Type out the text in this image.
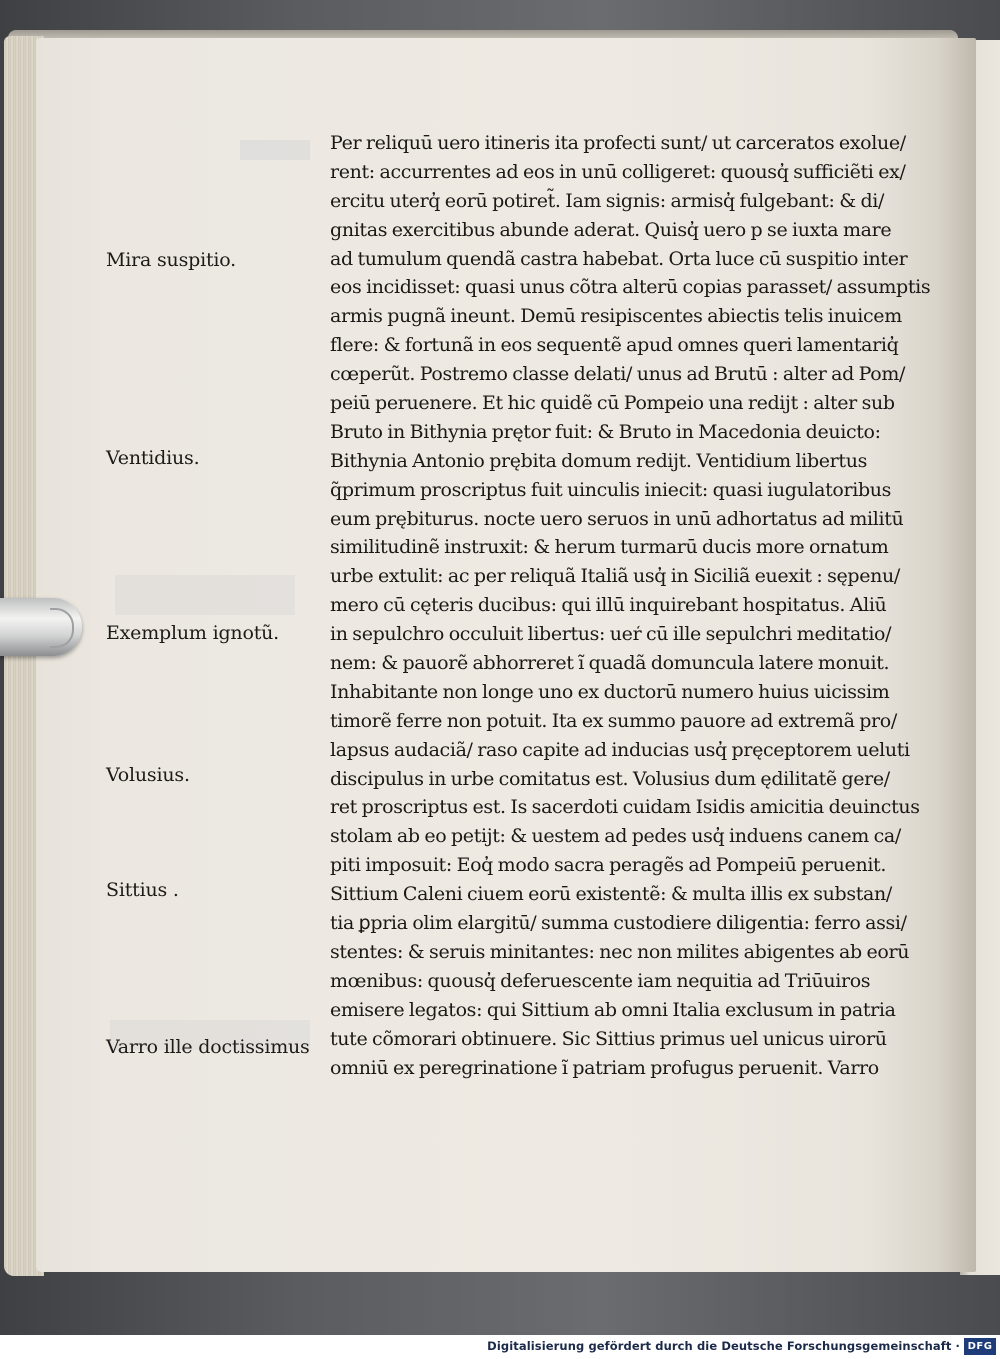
Mira suspitio.
Ventidius.
Exemplum ignotũ.
Volusius.
Sittius .
Varro ille doctissimus
Per reliquū uero itineris ita profecti sunt/ ut carceratos exolue/
rent: accurrentes ad eos in unū colligeret: quousq̓ sufficiẽti ex/
ercitu uterq̓ eorū potiret̃. Iam signis: armisq̓ fulgebant: & di/
gnitas exercitibus abunde aderat. Quisq̓ uero p se iuxta mare
ad tumulum quendã castra habebat. Orta luce cū suspitio inter
eos incidisset: quasi unus cõtra alterū copias parasset/ assumptis
armis pugnã ineunt. Demū resipiscentes abiectis telis inuicem
flere: & fortunã in eos sequentẽ apud omnes queri lamentariq̓
cœperũt. Postremo classe delati/ unus ad Brutū : alter ad Pom/
peiū peruenere. Et hic quidẽ cū Pompeio una redijt : alter sub
Bruto in Bithynia prętor fuit: & Bruto in Macedonia deuicto:
Bithynia Antonio prębita domum redijt. Ventidium libertus
q̃primum proscriptus fuit uinculis iniecit: quasi iugulatoribus
eum prębiturus. nocte uero seruos in unū adhortatus ad militū
similitudinẽ instruxit: & herum turmarū ducis more ornatum
urbe extulit: ac per reliquã Italiã usq̓ in Siciliã euexit : sępenu/
mero cū cęteris ducibus: qui illū inquirebant hospitatus. Aliū
in sepulchro occuluit libertus: uer̒ cū ille sepulchri meditatio/
nem: & pauorẽ abhorreret ĩ quadã domuncula latere monuit.
Inhabitante non longe uno ex ductorū numero huius uicissim
timorẽ ferre non potuit. Ita ex summo pauore ad extremã pro/
lapsus audaciã/ raso capite ad inducias usq̓ pręceptorem ueluti
discipulus in urbe comitatus est. Volusius dum ędilitatẽ gere/
ret proscriptus est. Is sacerdoti cuidam Isidis amicitia deuinctus
stolam ab eo petijt: & uestem ad pedes usq̓ induens canem ca/
piti imposuit: Eoq̓ modo sacra peragẽs ad Pompeiū peruenit.
Sittium Caleni ciuem eorū existentẽ: & multa illis ex substan/
tia ꝑpria olim elargitū/ summa custodiere diligentia: ferro assi/
stentes: & seruis minitantes: nec non milites abigentes ab eorū
mœnibus: quousq̓ deferuescente iam nequitia ad Triūuiros
emisere legatos: qui Sittium ab omni Italia exclusum in patria
tute cõmorari obtinuere. Sic Sittius primus uel unicus uirorū
omniū ex peregrinatione ĩ patriam profugus peruenit. Varro
Digitalisierung gefördert durch die Deutsche Forschungsgemeinschaft · DFG
